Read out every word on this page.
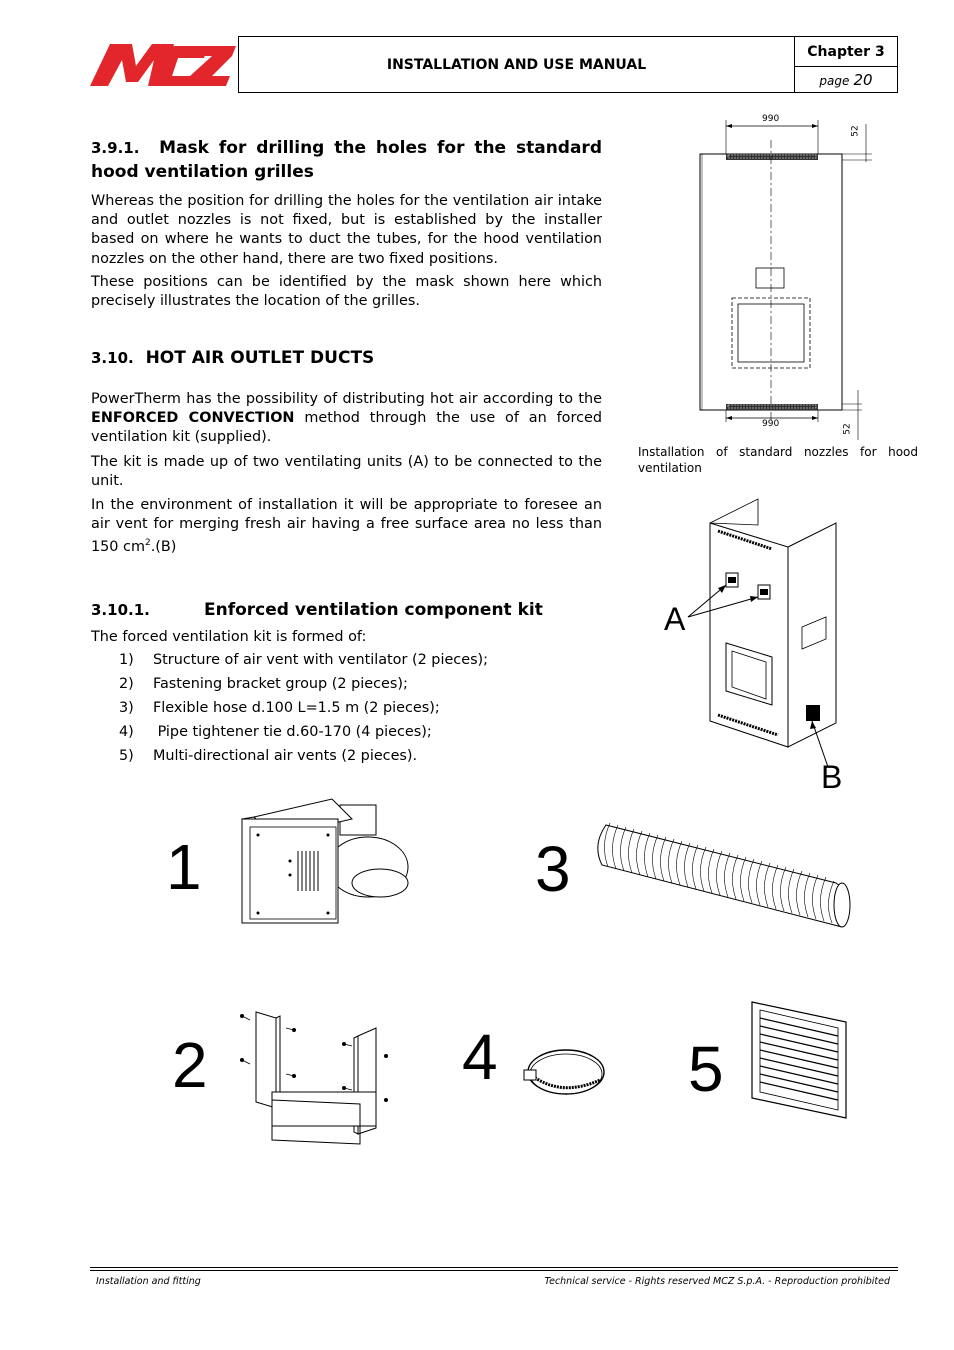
INSTALLATION AND USE MANUAL
Chapter 3
page 20
3.9.1. Mask for drilling the holes for the standard hood ventilation grilles
Whereas the position for drilling the holes for the ventilation air intake and outlet nozzles is not fixed, but is established by the installer based on where he wants to duct the tubes, for the hood ventilation nozzles on the other hand, there are two fixed positions.
These positions can be identified by the mask shown here which precisely illustrates the location of the grilles.
3.10. HOT AIR OUTLET DUCTS
PowerTherm has the possibility of distributing hot air according to the ENFORCED CONVECTION method through the use of an forced ventilation kit (supplied).
The kit is made up of two ventilating units (A) to be connected to the unit.
In the environment of installation it will be appropriate to foresee an air vent for merging fresh air having a free surface area no less than 150 $cm^2.(B)$
3.10.1.	Enforced ventilation component kit
The forced ventilation kit is formed of:
1)	Structure of air vent with ventilator (2 pieces);
2)	Fastening bracket group (2 pieces);
3)	Flexible hose d.100 L=1.5 m (2 pieces);
4)	Pipe tightener tie d.60-170 (4 pieces);
5)	Multi-directional air vents (2 pieces).
990
52
990	52
Installation of standard nozzles for hood
ventilation
A
B
1	3
2	4	5
Installation and fitting	Technical service - Rights reserved MCZ S.p.A. - Reproduction prohibited
